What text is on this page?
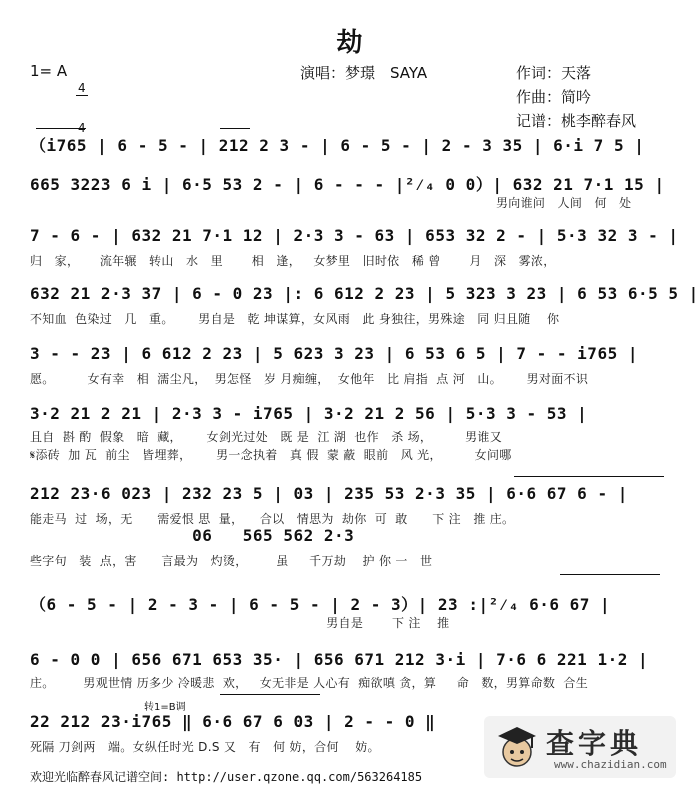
劫
1= A

4

演唱：梦璟　SAYA	作词：天落
作曲：简吟
记谱：桃李醉春风
（i765 | 6 - 5 - | 212 2 3 - | 6 - 5 - | 2 - 3 35 | 6·i 7 5 |
665 3223 6 i | 6·5 53 2 - | 6 - - - |²⁄₄ 0 0）| 632 21 7·1 15 |
男向谁问   人间   何   处
7 - 6 - | 632 21 7·1 12 | 2·3 3 - 63 | 653 32 2 - | 5·3 32 3 - |
归   家，     流年辗   转山   水   里       相   逢，   女梦里   旧时依   稀 曾       月   深   雾浓，
632 21 2·3 37 | 6 - 0 23 |: 6 612 2 23 | 5 323 3 23 | 6 53 6·5 5 |
不知血  色染过   几   重。      男自是   乾 坤谋算，女风雨   此 身独往，男殊途   同 归且随    你
3 - - 23 | 6 612 2 23 | 5 623 3 23 | 6 53 6 5 | 7 - - i765 |
愿。        女有幸   相  濡尘凡，  男怎怪   岁 月痴缠，  女他年   比 肩指  点 河   山。      男对面不识
3·2 21 2 21 | 2·3 3 - i765 | 3·2 21 2 56 | 5·3 3 - 53 |
且自  斟 酌  假象   暗  藏，      女剑光过处   既 是  江 湖  也作   杀 场，        男谁又
𝄋添砖  加 瓦  前尘   皆埋葬，      男一念执着   真 假  蒙 蔽  眼前   风 光，        女问哪
212 23·6 023 | 232 23 5 | 03 | 235 53 2·3 35 | 6·6 67 6 - |
能走马  过  场，无      需爱恨 思  量，    合以   情思为  劫你  可  敢      下 注   推 庄。
06   565 562 2·3
些字句   装  点，害      言最为   灼烫，       虽     千万劫    护 你 一   世
（6 - 5 - | 2 - 3 - | 6 - 5 - | 2 - 3）| 23 :|²⁄₄ 6·6 67 |
男自是       下 注    推
6 - 0 0 | 656 671 653 35· | 656 671 212 3·i | 7·6 6 221 1·2 |
庄。       男观世情 历多少 冷暖悲  欢，   女无非是 人心有  痴欲嗔 贪，算     命   数，男算命数  合生
转1=B调
22 212 23·i765 ‖ 6·6 67 6 03 | 2 - - 0 ‖
死隔 刀剑两   端。女纵任时光 D.S 又   有   何 妨，合何    妨。
欢迎光临醉春风记谱空间: http://user.qzone.qq.com/563264185

查字典

www.chazidian.com
